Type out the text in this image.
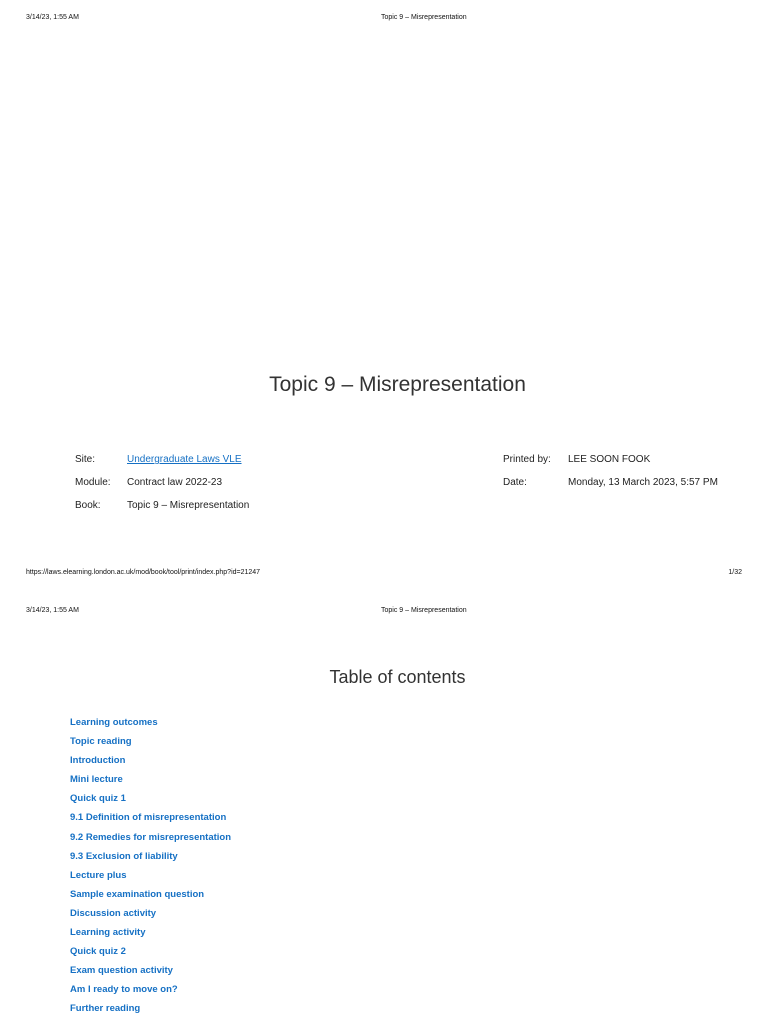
3/14/23, 1:55 AM	Topic 9 – Misrepresentation
Topic 9 – Misrepresentation
Site:	Undergraduate Laws VLE
Module: Contract law 2022-23
Book:	Topic 9 – Misrepresentation
Printed by: LEE SOON FOOK
Date:	Monday, 13 March 2023, 5:57 PM
https://laws.elearning.london.ac.uk/mod/book/tool/print/index.php?id=21247	1/32
3/14/23, 1:55 AM	Topic 9 – Misrepresentation
Table of contents
Learning outcomes
Topic reading
Introduction
Mini lecture
Quick quiz 1
9.1 Definition of misrepresentation
9.2 Remedies for misrepresentation
9.3 Exclusion of liability
Lecture plus
Sample examination question
Discussion activity
Learning activity
Quick quiz 2
Exam question activity
Am I ready to move on?
Further reading
